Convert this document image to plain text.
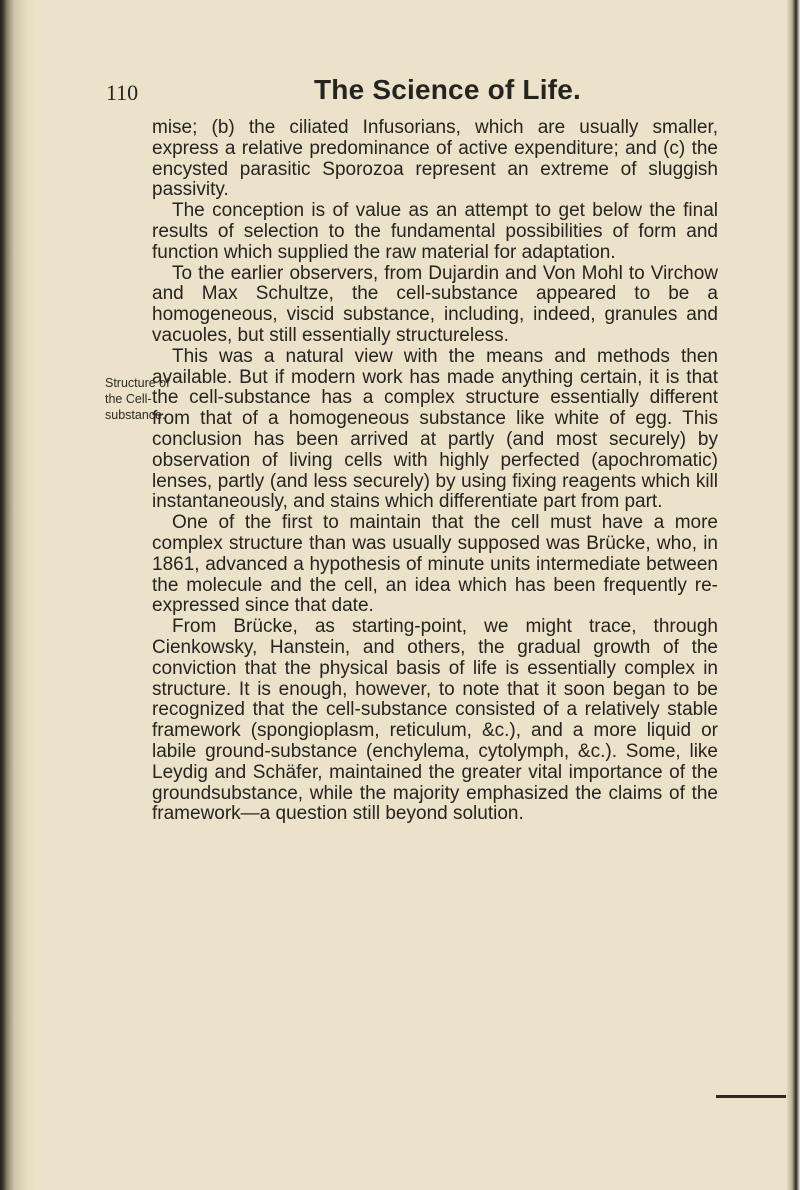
110	The Science of Life.
Structure of
the Cell-
substance.

mise; (b) the ciliated Infusorians, which are usually smaller, express a relative predominance of active expenditure; and (c) the encysted parasitic Sporozoa represent an extreme of sluggish passivity.

The conception is of value as an attempt to get below the final results of selection to the fundamental possibilities of form and function which supplied the raw material for adaptation.

To the earlier observers, from Dujardin and Von Mohl to Virchow and Max Schultze, the cell-substance appeared to be a homogeneous, viscid substance, including, indeed, granules and vacuoles, but still essentially structureless.

This was a natural view with the means and methods then available. But if modern work has made anything certain, it is that the cell-substance has a complex structure essentially different from that of a homogeneous substance like white of egg. This conclusion has been arrived at partly (and most securely) by observation of living cells with highly perfected (apochromatic) lenses, partly (and less securely) by using fixing reagents which kill instantaneously, and stains which differentiate part from part.

One of the first to maintain that the cell must have a more complex structure than was usually supposed was Brücke, who, in 1861, advanced a hypothesis of minute units intermediate between the molecule and the cell, an idea which has been frequently re-expressed since that date.

From Brücke, as starting-point, we might trace, through Cienkowsky, Hanstein, and others, the gradual growth of the conviction that the physical basis of life is essentially complex in structure. It is enough, however, to note that it soon began to be recognized that the cell-substance consisted of a relatively stable framework (spongioplasm, reticulum, &c.), and a more liquid or labile ground-substance (enchylema, cytolymph, &c.). Some, like Leydig and Schäfer, maintained the greater vital importance of the groundsubstance, while the majority emphasized the claims of the framework—a question still beyond solution.
